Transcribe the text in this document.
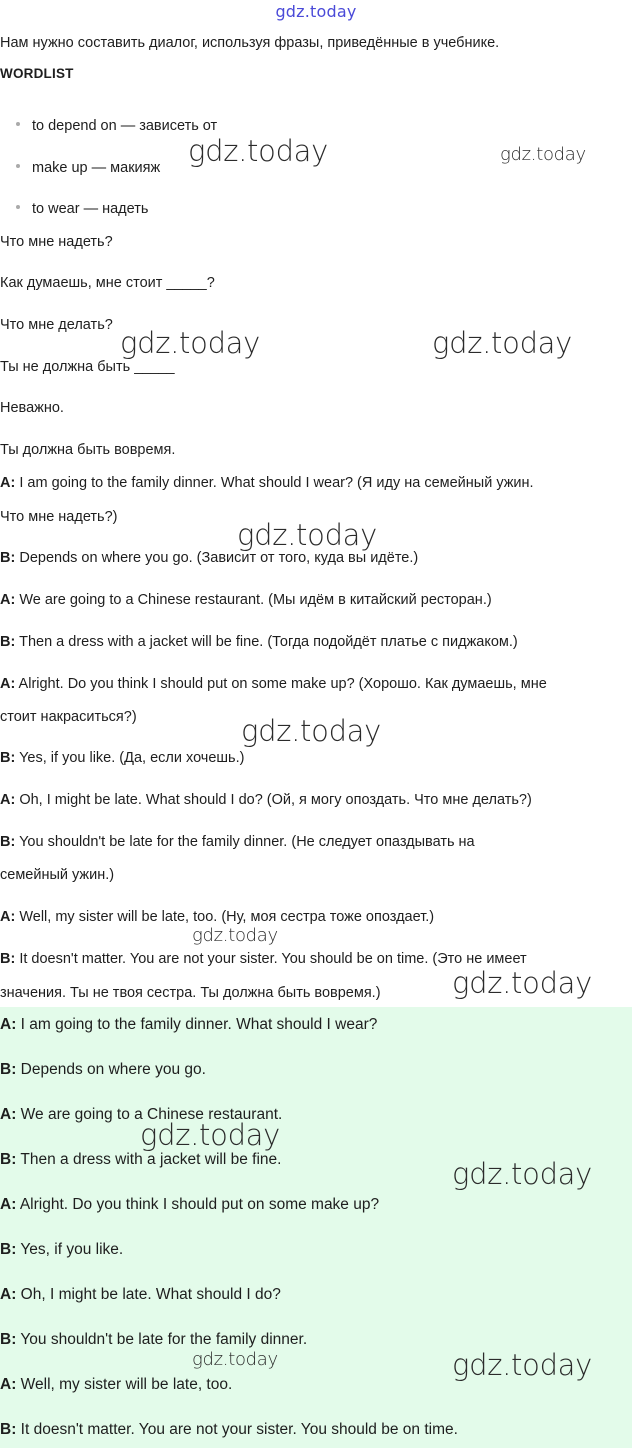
gdz.today
Нам нужно составить диалог, используя фразы, приведённые в учебнике.
WORDLIST
to depend on — зависеть от
make up — макияж
to wear — надеть
Что мне надеть?
Как думаешь, мне стоит _____?
Что мне делать?
Ты не должна быть _____
Неважно.
Ты должна быть вовремя.
A: I am going to the family dinner. What should I wear? (Я иду на семейный ужин.
Что мне надеть?)
B: Depends on where you go. (Зависит от того, куда вы идёте.)
A: We are going to a Chinese restaurant. (Мы идём в китайский ресторан.)
B: Then a dress with a jacket will be fine. (Тогда подойдёт платье с пиджаком.)
A: Alright. Do you think I should put on some make up? (Хорошо. Как думаешь, мне
стоит накраситься?)
B: Yes, if you like. (Да, если хочешь.)
A: Oh, I might be late. What should I do? (Ой, я могу опоздать. Что мне делать?)
B: You shouldn't be late for the family dinner. (Не следует опаздывать на
семейный ужин.)
A: Well, my sister will be late, too. (Ну, моя сестра тоже опоздает.)
B: It doesn't matter. You are not your sister. You should be on time. (Это не имеет
значения. Ты не твоя сестра. Ты должна быть вовремя.)
A: I am going to the family dinner. What should I wear?
B: Depends on where you go.
A: We are going to a Chinese restaurant.
B: Then a dress with a jacket will be fine.
A: Alright. Do you think I should put on some make up?
B: Yes, if you like.
A: Oh, I might be late. What should I do?
B: You shouldn't be late for the family dinner.
A: Well, my sister will be late, too.
B: It doesn't matter. You are not your sister. You should be on time.
gdz.today	gdz.today
gdz.today	gdz.today
gdz.today
gdz.today
gdz.today
gdz.today
gdz.today
gdz.today
gdz.today	gdz.today
